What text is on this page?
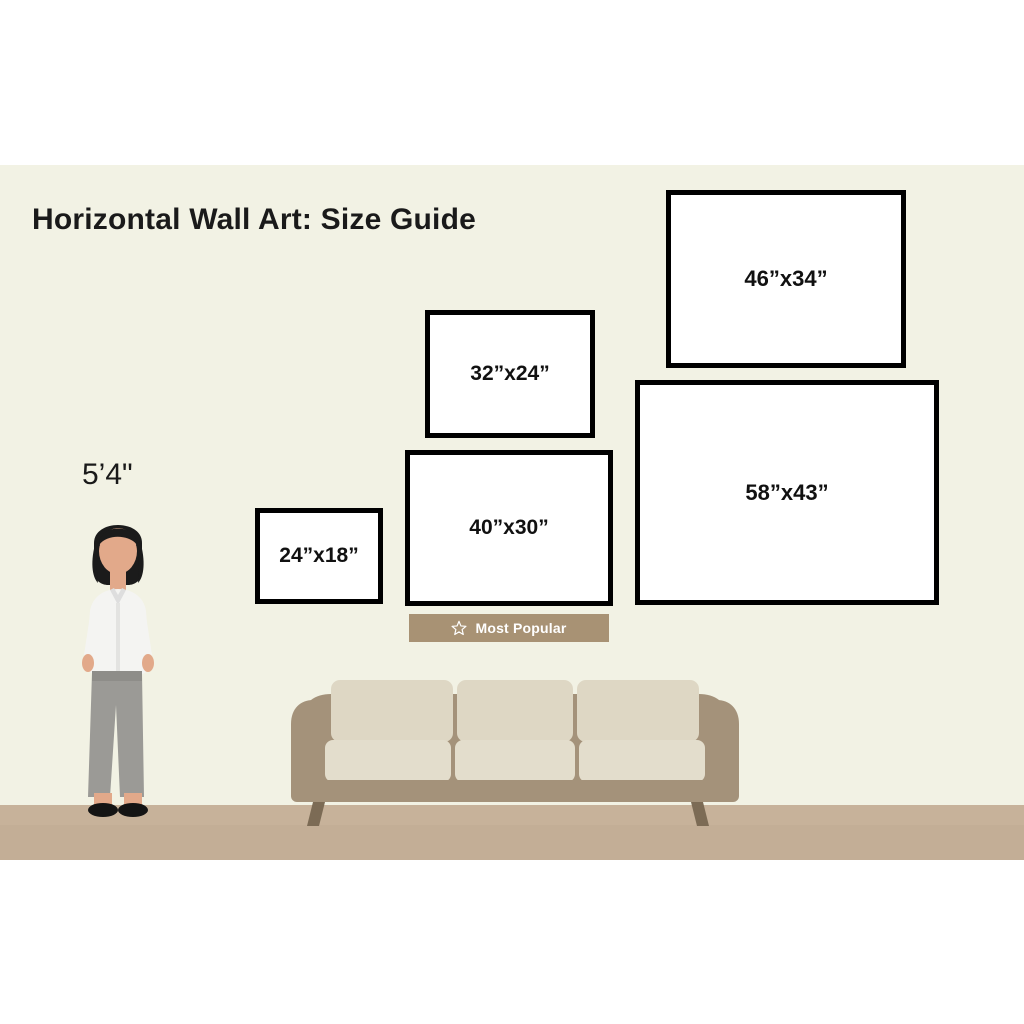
Horizontal Wall Art: Size Guide
24”x18”
32”x24”
40”x30”
46”x34”
58”x43”
Most Popular
5’4"
